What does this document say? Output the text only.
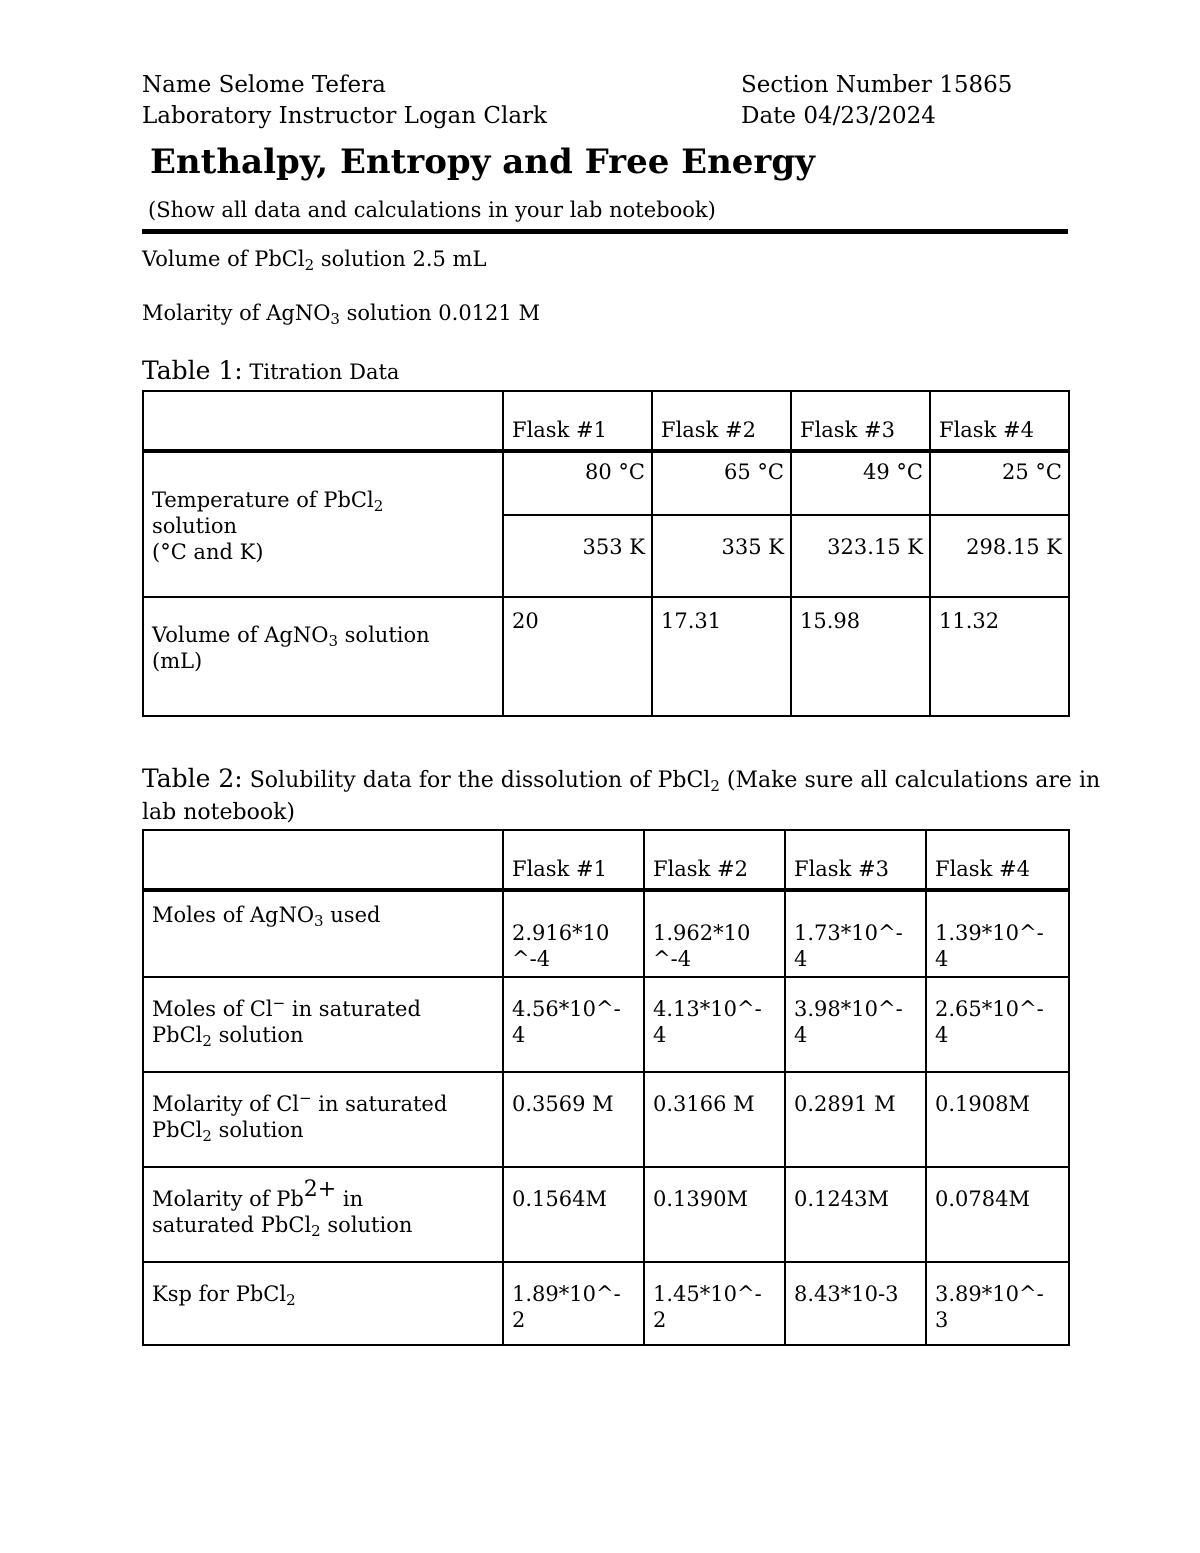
Name Selome Tefera
Laboratory Instructor Logan Clark
Section Number 15865
Date 04/23/2024
Enthalpy, Entropy and Free Energy
(Show all data and calculations in your lab notebook)
Volume of PbCl$_2$ solution 2.5 mL
Molarity of AgNO$_3$ solution 0.0121 M
Table 1: Titration Data
	Flask #1	Flask #2	Flask #3	Flask #4
Temperature of PbCl$_2$
solution
(°C and K)	80 °C	65 °C	49 °C	25 °C
	353 K	335 K	323.15 K	298.15 K
Volume of AgNO$_3$ solution
(mL)	20	17.31	15.98	11.32
Table 2: Solubility data for the dissolution of PbCl$_2$ (Make sure all calculations are in lab notebook)
	Flask #1	Flask #2	Flask #3	Flask #4
Moles of AgNO$_3$ used	2.916*10 ^-4	1.962*10 ^-4	1.73*10^- 4	1.39*10^- 4
Moles of Cl− in saturated
PbCl$_2$ solution	4.56*10^- 4	4.13*10^- 4	3.98*10^- 4	2.65*10^- 4
Molarity of Cl− in saturated
PbCl$_2$ solution	0.3569 M	0.3166 M	0.2891 M	0.1908M
Molarity of $Pb^{2+}$ in
saturated PbCl$_2$ solution	0.1564M	0.1390M	0.1243M	0.0784M
Ksp for PbCl$_2$	1.89*10^- 2	1.45*10^- 2	8.43*10-3	3.89*10^- 3
